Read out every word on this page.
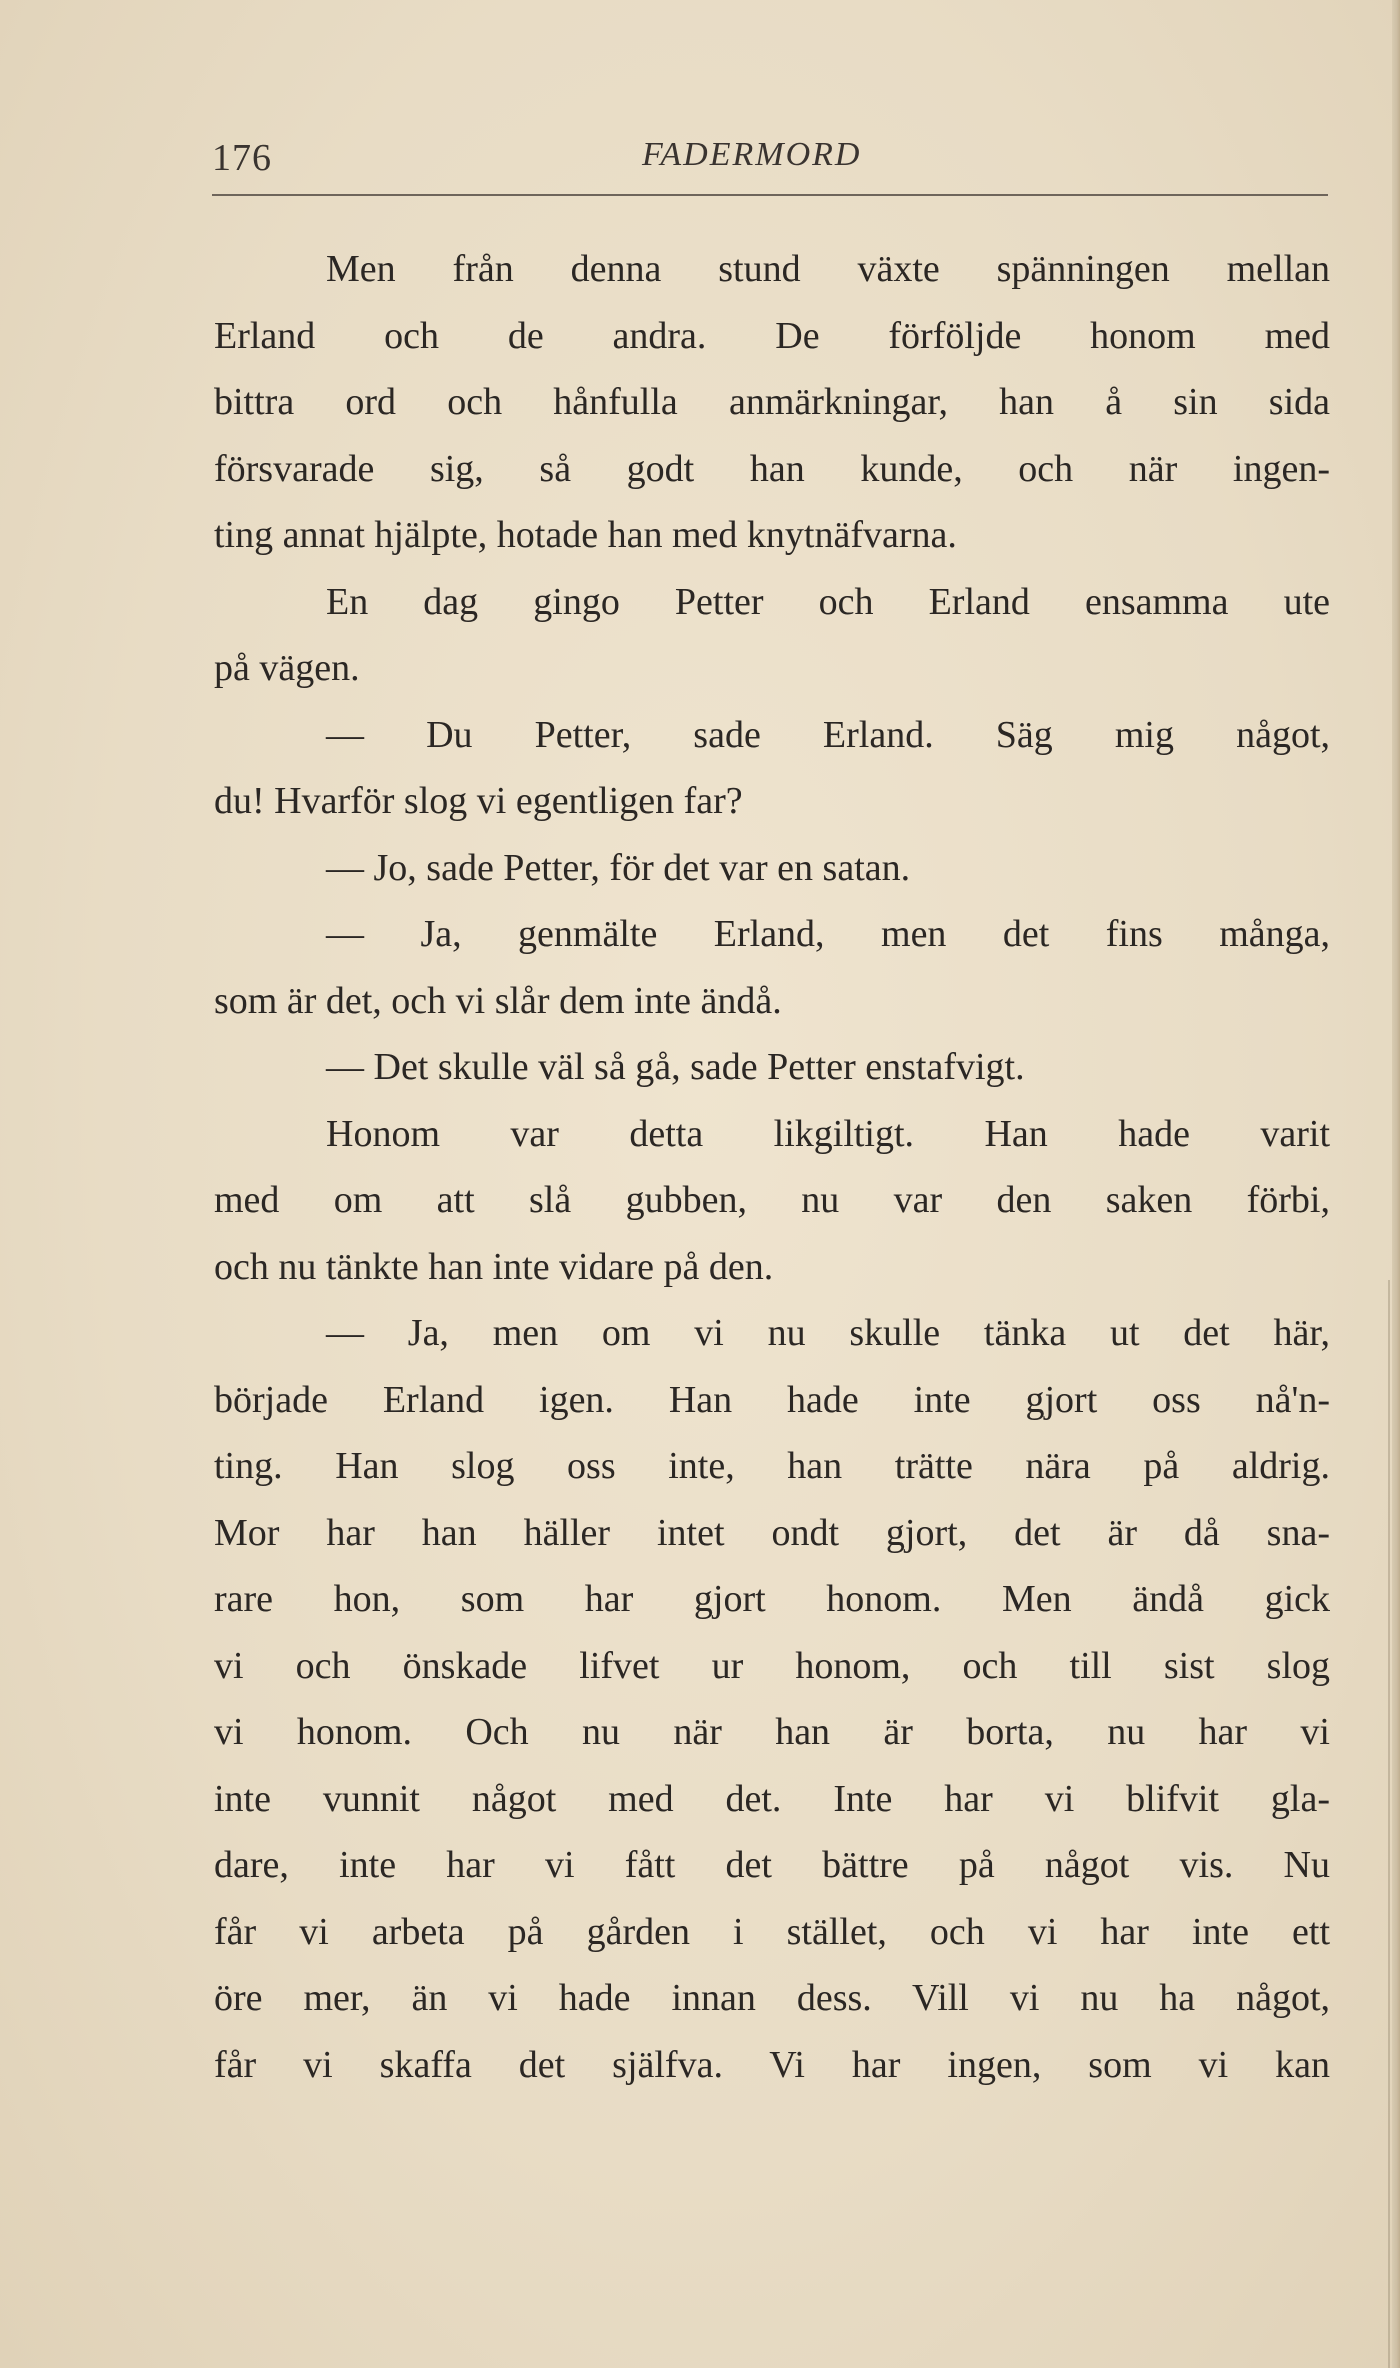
176	FADERMORD
Men från denna stund växte spänningen mellan
Erland och de andra. De förföljde honom med
bittra ord och hånfulla anmärkningar, han å sin sida
försvarade sig, så godt han kunde, och när ingen-
ting annat hjälpte, hotade han med knytnäfvarna.
En dag gingo Petter och Erland ensamma ute
på vägen.
— Du Petter, sade Erland. Säg mig något,
du! Hvarför slog vi egentligen far?
— Jo, sade Petter, för det var en satan.
— Ja, genmälte Erland, men det fins många,
som är det, och vi slår dem inte ändå.
— Det skulle väl så gå, sade Petter enstafvigt.
Honom var detta likgiltigt. Han hade varit
med om att slå gubben, nu var den saken förbi,
och nu tänkte han inte vidare på den.
— Ja, men om vi nu skulle tänka ut det här,
började Erland igen. Han hade inte gjort oss nå'n-
ting. Han slog oss inte, han trätte nära på aldrig.
Mor har han häller intet ondt gjort, det är då sna-
rare hon, som har gjort honom. Men ändå gick
vi och önskade lifvet ur honom, och till sist slog
vi honom. Och nu när han är borta, nu har vi
inte vunnit något med det. Inte har vi blifvit gla-
dare, inte har vi fått det bättre på något vis. Nu
får vi arbeta på gården i stället, och vi har inte ett
öre mer, än vi hade innan dess. Vill vi nu ha något,
får vi skaffa det själfva. Vi har ingen, som vi kan
